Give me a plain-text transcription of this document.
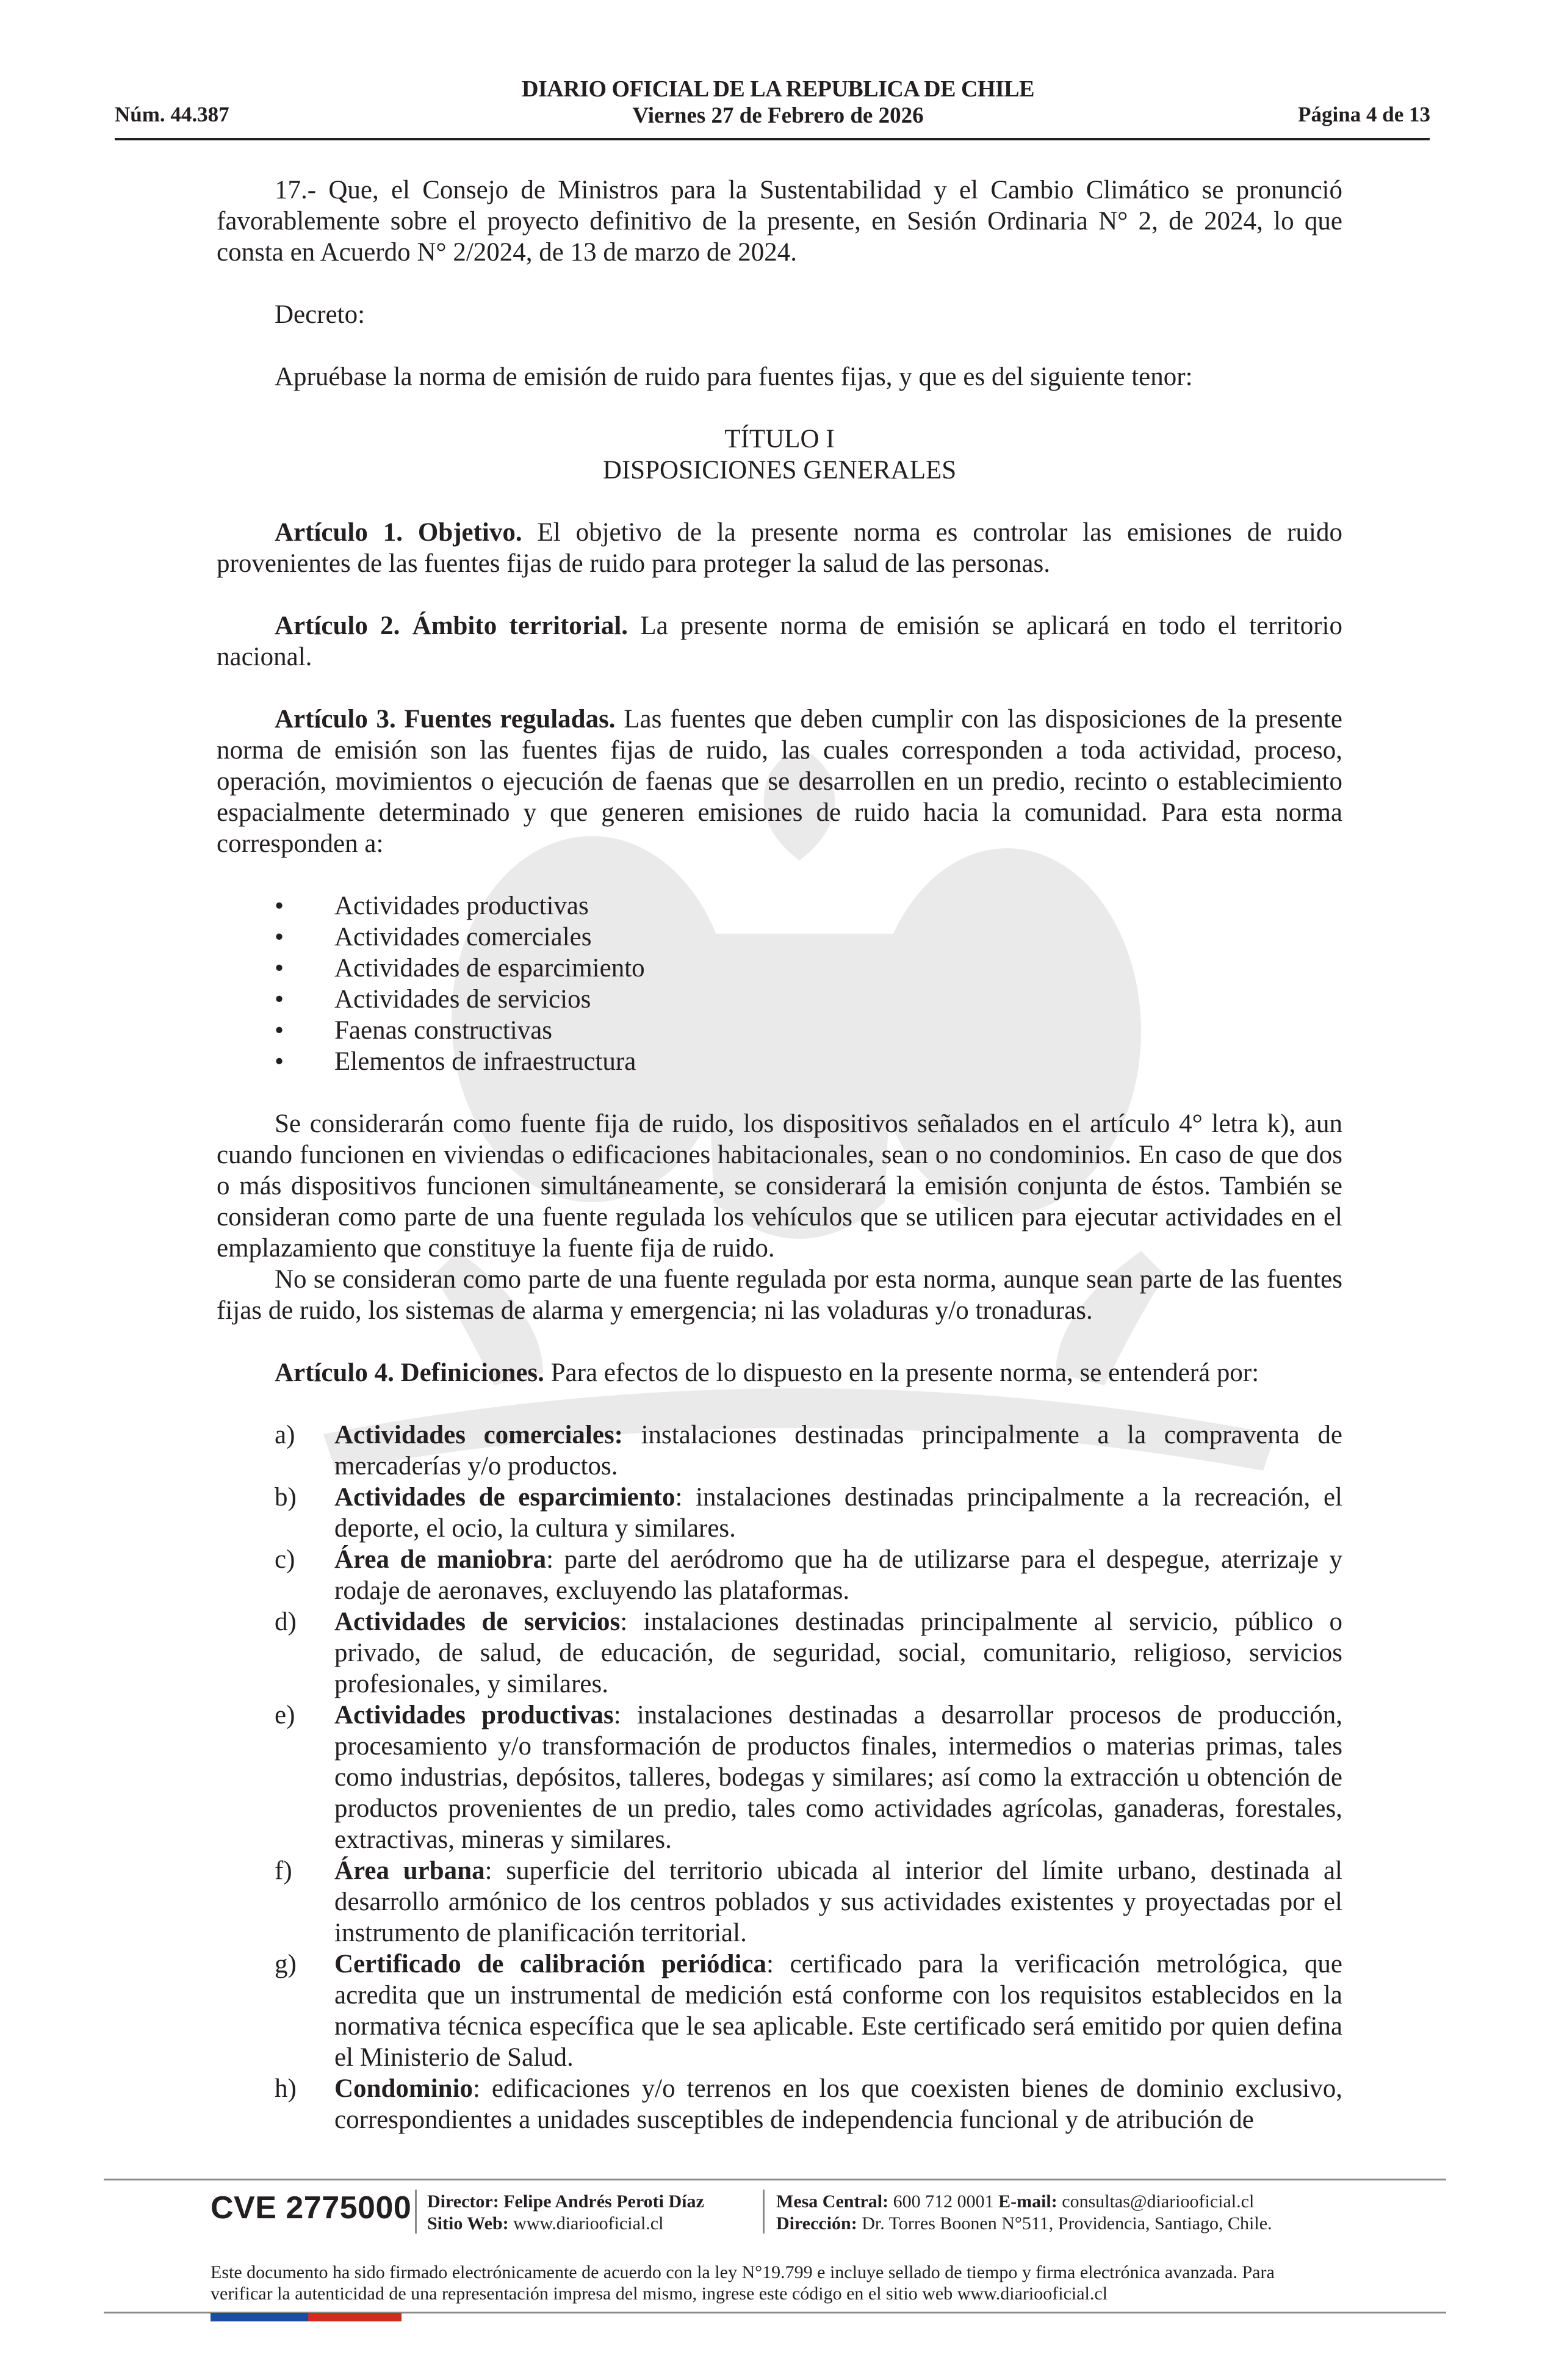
DIARIO OFICIAL DE LA REPUBLICA DE CHILE
Núm. 44.387	Viernes 27 de Febrero de 2026	Página 4 de 13

17.- Que, el Consejo de Ministros para la Sustentabilidad y el Cambio Climático se pronunció favorablemente sobre el proyecto definitivo de la presente, en Sesión Ordinaria N° 2, de 2024, lo que consta en Acuerdo N° 2/2024, de 13 de marzo de 2024.

Decreto:

Apruébase la norma de emisión de ruido para fuentes fijas, y que es del siguiente tenor:

TÍTULO I
DISPOSICIONES GENERALES

Artículo 1. Objetivo. El objetivo de la presente norma es controlar las emisiones de ruido provenientes de las fuentes fijas de ruido para proteger la salud de las personas.

Artículo 2. Ámbito territorial. La presente norma de emisión se aplicará en todo el territorio nacional.

Artículo 3. Fuentes reguladas. Las fuentes que deben cumplir con las disposiciones de la presente norma de emisión son las fuentes fijas de ruido, las cuales corresponden a toda actividad, proceso, operación, movimientos o ejecución de faenas que se desarrollen en un predio, recinto o establecimiento espacialmente determinado y que generen emisiones de ruido hacia la comunidad. Para esta norma corresponden a:

• Actividades productivas
• Actividades comerciales
• Actividades de esparcimiento
• Actividades de servicios
• Faenas constructivas
• Elementos de infraestructura

Se considerarán como fuente fija de ruido, los dispositivos señalados en el artículo 4° letra k), aun cuando funcionen en viviendas o edificaciones habitacionales, sean o no condominios. En caso de que dos o más dispositivos funcionen simultáneamente, se considerará la emisión conjunta de éstos. También se consideran como parte de una fuente regulada los vehículos que se utilicen para ejecutar actividades en el emplazamiento que constituye la fuente fija de ruido.

No se consideran como parte de una fuente regulada por esta norma, aunque sean parte de las fuentes fijas de ruido, los sistemas de alarma y emergencia; ni las voladuras y/o tronaduras.

Artículo 4. Definiciones. Para efectos de lo dispuesto en la presente norma, se entenderá por:

a) Actividades comerciales: instalaciones destinadas principalmente a la compraventa de mercaderías y/o productos.
b) Actividades de esparcimiento: instalaciones destinadas principalmente a la recreación, el deporte, el ocio, la cultura y similares.
c) Área de maniobra: parte del aeródromo que ha de utilizarse para el despegue, aterrizaje y rodaje de aeronaves, excluyendo las plataformas.
d) Actividades de servicios: instalaciones destinadas principalmente al servicio, público o privado, de salud, de educación, de seguridad, social, comunitario, religioso, servicios profesionales, y similares.
e) Actividades productivas: instalaciones destinadas a desarrollar procesos de producción, procesamiento y/o transformación de productos finales, intermedios o materias primas, tales como industrias, depósitos, talleres, bodegas y similares; así como la extracción u obtención de productos provenientes de un predio, tales como actividades agrícolas, ganaderas, forestales, extractivas, mineras y similares.
f) Área urbana: superficie del territorio ubicada al interior del límite urbano, destinada al desarrollo armónico de los centros poblados y sus actividades existentes y proyectadas por el instrumento de planificación territorial.
g) Certificado de calibración periódica: certificado para la verificación metrológica, que acredita que un instrumental de medición está conforme con los requisitos establecidos en la normativa técnica específica que le sea aplicable. Este certificado será emitido por quien defina el Ministerio de Salud.
h) Condominio: edificaciones y/o terrenos en los que coexisten bienes de dominio exclusivo, correspondientes a unidades susceptibles de independencia funcional y de atribución de
CVE 2775000 Director: Felipe Andrés Peroti Díaz
Sitio Web: www.diariooficial.cl
Mesa Central: 600 712 0001 E-mail: consultas@diariooficial.cl
Dirección: Dr. Torres Boonen N°511, Providencia, Santiago, Chile.
Este documento ha sido firmado electrónicamente de acuerdo con la ley N°19.799 e incluye sellado de tiempo y firma electrónica avanzada. Para verificar la autenticidad de una representación impresa del mismo, ingrese este código en el sitio web www.diariooficial.cl
